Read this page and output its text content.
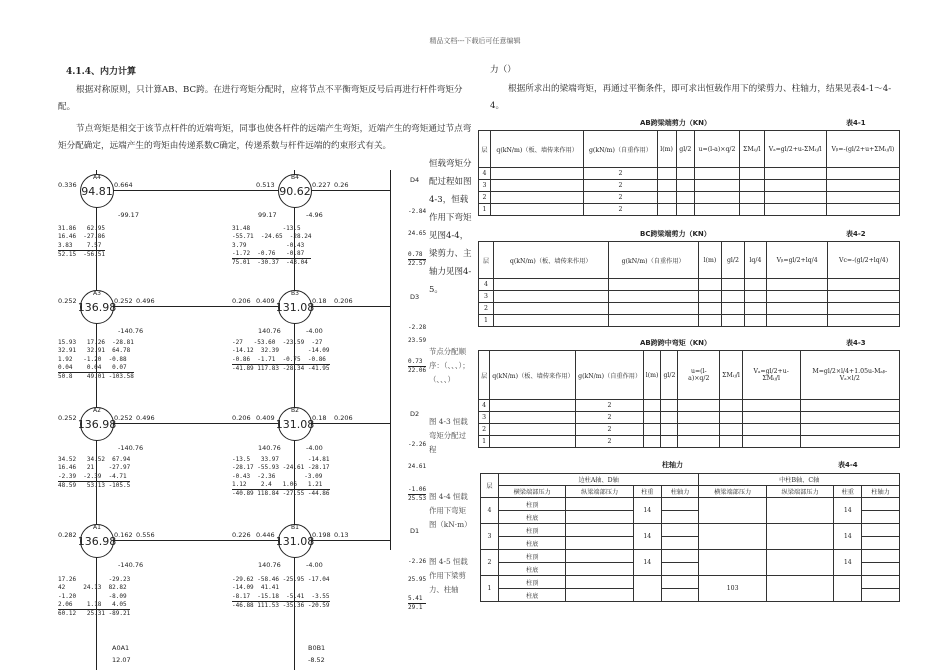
精品文档---下载后可任意编辑
4.1.4、内力计算
根据对称原则，只计算AB、BC跨。在进行弯矩分配时，应将节点不平衡弯矩反号后再进行杆件弯矩分配。
节点弯矩是相交于该节点杆件的近端弯矩，同事也使各杆件的远端产生弯矩，近端产生的弯矩通过节点弯矩分配确定，远端产生的弯矩由传递系数C确定，传递系数与杆件远端的约束形式有关。
恒载弯矩分配过程如图4-3，恒载作用下弯矩见图4-4，梁剪力、主轴力见图4-5。
节点分配顺序：（、、、）；（、、、）
图 4-3 恒载弯矩分配过程
图 4-4 恒载作用下弯矩图（kN·m）
图 4-5 恒载作用下梁剪力、柱轴
A4
94.81
A3
136.98
A2
136.98
A1
136.98
B4
90.62
B3
131.08
B2
131.08
B1
131.08
0.336	0.664
0.252	0.252 0.496
0.252	0.252 0.496
0.282	0.162 0.556
0.513	0.227 0.26
0.206 0.409	0.18 0.206
0.206 0.409	0.18 0.206
0.226 0.446	0.198 0.13
D4
D3
D2
D1
-99.17
-140.76
-140.76
-140.76
99.17	-4.96
140.76	-4.00
140.76	-4.00
140.76	-4.00
31.86   62.95
16.46  -27.86
3.83    7.57
52.15  -56.51
15.93   17.26  -28.81
32.91   32.91  64.78
1.92   -1.20  -0.88
0.04    0.04   0.07
50.8    49.01 -103.58
34.52   34.52  67.94
16.46   21    -27.97
-2.39  -2.39  -4.71
48.59   53.13 -105.5
17.26         -29.23
42     24.13  82.82
-1.20         -8.09
2.06    1.18   4.05
60.12   25.31 -89.21
31.48         -13.5
-55.71  -24.65  -28.24
3.79           -0.43
-1.72  -0.76   -0.87
75.01  -30.37  -43.04
-27   -53.60  -23.59  -27
-14.12  32.39        -14.09
-0.86  -1.71  -0.75  -0.86
-41.89 117.83 -28.34 -41.95
-13.5   33.97        -14.81
-28.17 -55.93 -24.61 -28.17
-0.43  -2.36        -3.09
1.12    2.4   1.06   1.21
-40.89 118.84 -27.55 -44.86
-29.62 -58.46 -25.95 -17.04
-14.09  41.41
-8.17  -15.18  -5.41  -3.55
-46.88 111.53 -35.36 -20.59
-2.84
24.65
0.78
22.57
-2.28
23.59
0.73
22.06
-2.26
24.61
-1.06
25.53
-2.26
25.95
5.41
29.1
A0A1
12.07
B0B1
-8.52
力（）
根据所求出的梁端弯矩，再通过平衡条件，即可求出恒载作用下的梁剪力、柱轴力，结果见表4-1～4-4。
AB跨梁端剪力（KN）	表4-1
层	q(kN/m)（板、墙传来作用）	g(kN/m)（自重作用）	l(m)	gl/2	u=(l-a)×q/2	ΣMᵢⱼ/l	Vₐ=gl/2+u-ΣMᵢⱼ/l	Vᵦ=-(gl/2+u+ΣMᵢⱼ/l)
4		2						
3		2						
2		2						
1		2						
BC跨梁端剪力（KN）	表4-2
层	q(kN/m)（板、墙传来作用）	g(kN/m)（自重作用）	l(m)	gl/2	lq/4	Vᵦ=gl/2+lq/4	Vc=-(gl/2+lq/4)
4							
3							
2							
1							
AB跨跨中弯矩（KN）	表4-3
层	q(kN/m)（板、墙传来作用）	g(kN/m)（自重作用）	l(m)	gl/2	u=(l-a)×q/2	ΣMᵢⱼ/l	Vₐ=gl/2+u-ΣMᵢⱼ/l	M=gl/2×l/4+1.05u-Mₐᵦ-Vₐ×l/2
4		2						
3		2						
2		2						
1		2						
柱轴力	表4-4
层	边柱A轴、D轴				中柱B轴、C轴			
	横梁端部压力	纵梁端部压力	柱重	柱轴力	横梁端部压力	纵梁端部压力	柱重	柱轴力
4	柱顶		14				14	
	柱底							
3	柱顶		14				14	
	柱底							
2	柱顶		14				14	
	柱底							
1	柱顶				103			
	柱底							
